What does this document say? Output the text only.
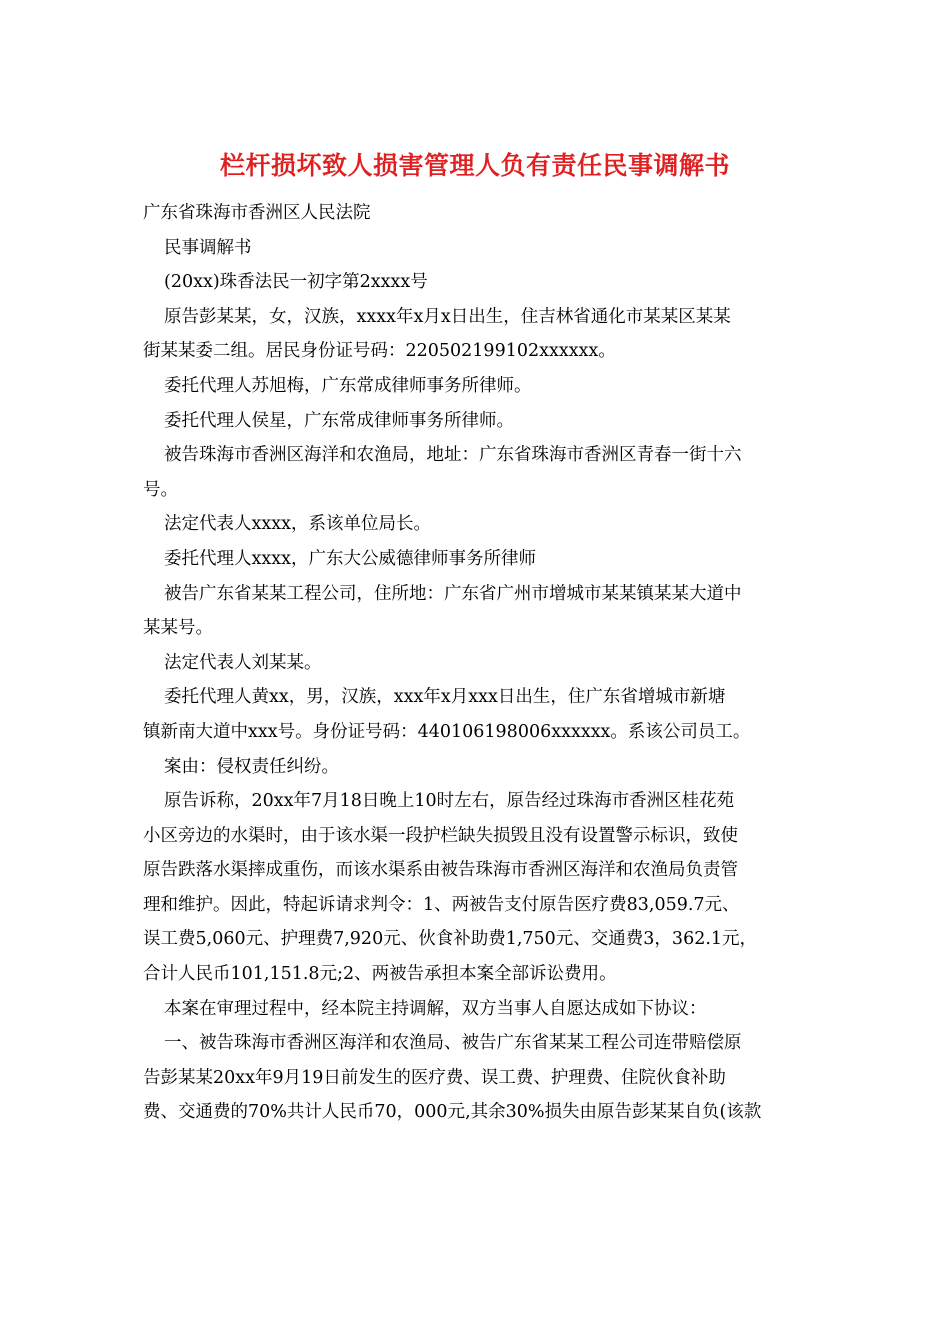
栏杆损坏致人损害管理人负有责任民事调解书
广东省珠海市香洲区人民法院
民事调解书
(20xx)珠香法民一初字第2xxxx号
原告彭某某，女，汉族，xxxx年x月x日出生，住吉林省通化市某某区某某
街某某委二组。居民身份证号码：220502199102xxxxxx。
委托代理人苏旭梅，广东常成律师事务所律师。
委托代理人侯星，广东常成律师事务所律师。
被告珠海市香洲区海洋和农渔局，地址：广东省珠海市香洲区青春一街十六
号。
法定代表人xxxx，系该单位局长。
委托代理人xxxx，广东大公威德律师事务所律师
被告广东省某某工程公司，住所地：广东省广州市增城市某某镇某某大道中
某某号。
法定代表人刘某某。
委托代理人黄xx，男，汉族，xxx年x月xxx日出生，住广东省增城市新塘
镇新南大道中xxx号。身份证号码：440106198006xxxxxx。系该公司员工。
案由：侵权责任纠纷。
原告诉称，20xx年7月18日晚上10时左右，原告经过珠海市香洲区桂花苑
小区旁边的水渠时，由于该水渠一段护栏缺失损毁且没有设置警示标识，致使
原告跌落水渠摔成重伤，而该水渠系由被告珠海市香洲区海洋和农渔局负责管
理和维护。因此，特起诉请求判令：1、两被告支付原告医疗费83,059.7元、
误工费5,060元、护理费7,920元、伙食补助费1,750元、交通费3，362.1元，
合计人民币101,151.8元;2、两被告承担本案全部诉讼费用。
本案在审理过程中，经本院主持调解，双方当事人自愿达成如下协议：
一、被告珠海市香洲区海洋和农渔局、被告广东省某某工程公司连带赔偿原
告彭某某20xx年9月19日前发生的医疗费、误工费、护理费、住院伙食补助
费、交通费的70%共计人民币70，000元,其余30%损失由原告彭某某自负(该款
